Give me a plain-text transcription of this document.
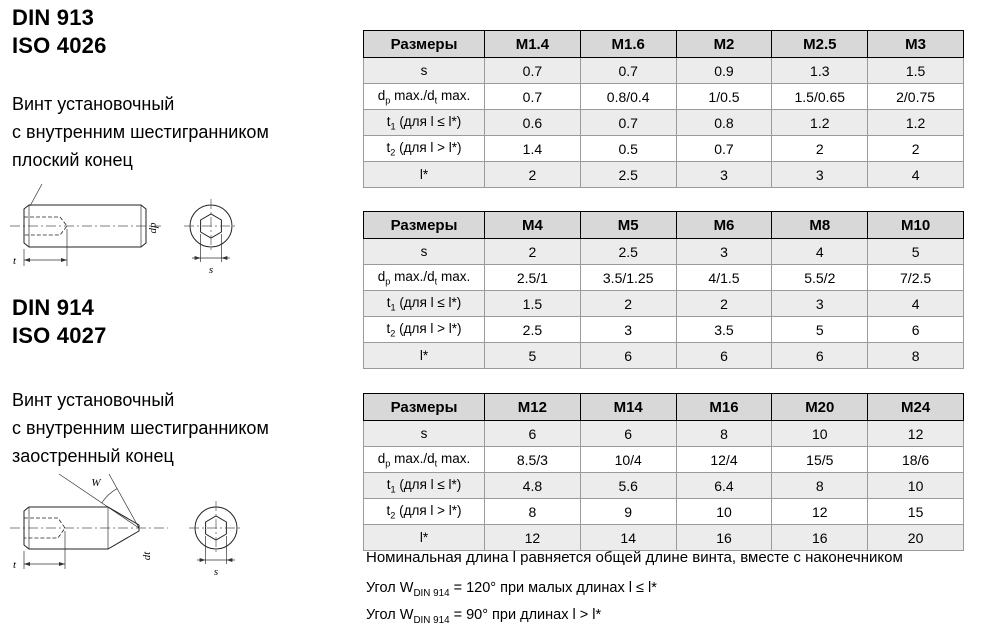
DIN 913
ISO 4026
Винт установочный
с внутренним шестигранником
плоский конец
t
dp
s
DIN 914
ISO 4027
Винт установочный
с внутренним шестигранником
заостренный конец
W
t
dt
s
Размеры	M1.4	M1.6	M2	M2.5	M3
s	0.7	0.7	0.9	1.3	1.5
$d_p$ $\max./d_t$ max.	0.7	0.8/0.4	1/0.5	1.5/0.65	2/0.75
$t_1$ (для l ≤ l*)	0.6	0.7	0.8	1.2	1.2
$t_2$ (для l > l*)	1.4	0.5	0.7	2	2
l*	2	2.5	3	3	4
Размеры	M4	M5	M6	M8	M10
s	2	2.5	3	4	5
$d_p$ $\max./d_t$ max.	2.5/1	3.5/1.25	4/1.5	5.5/2	7/2.5
$t_1$ (для l ≤ l*)	1.5	2	2	3	4
$t_2$ (для l > l*)	2.5	3	3.5	5	6
l*	5	6	6	6	8
Размеры	M12	M14	M16	M20	M24
s	6	6	8	10	12
$d_p$ $\max./d_t$ max.	8.5/3	10/4	12/4	15/5	18/6
$t_1$ (для l ≤ l*)	4.8	5.6	6.4	8	10
$t_2$ (для l > l*)	8	9	10	12	15
l*	12	14	16	16	20

Номинальная длина l равняется общей длине винта, вместе с наконечником

Угол $W_{DIN 914} = 120^\circ$ при малых длинах l ≤ l*

Угол $W_{DIN 914} = 90^\circ$ при длинах l > l*
